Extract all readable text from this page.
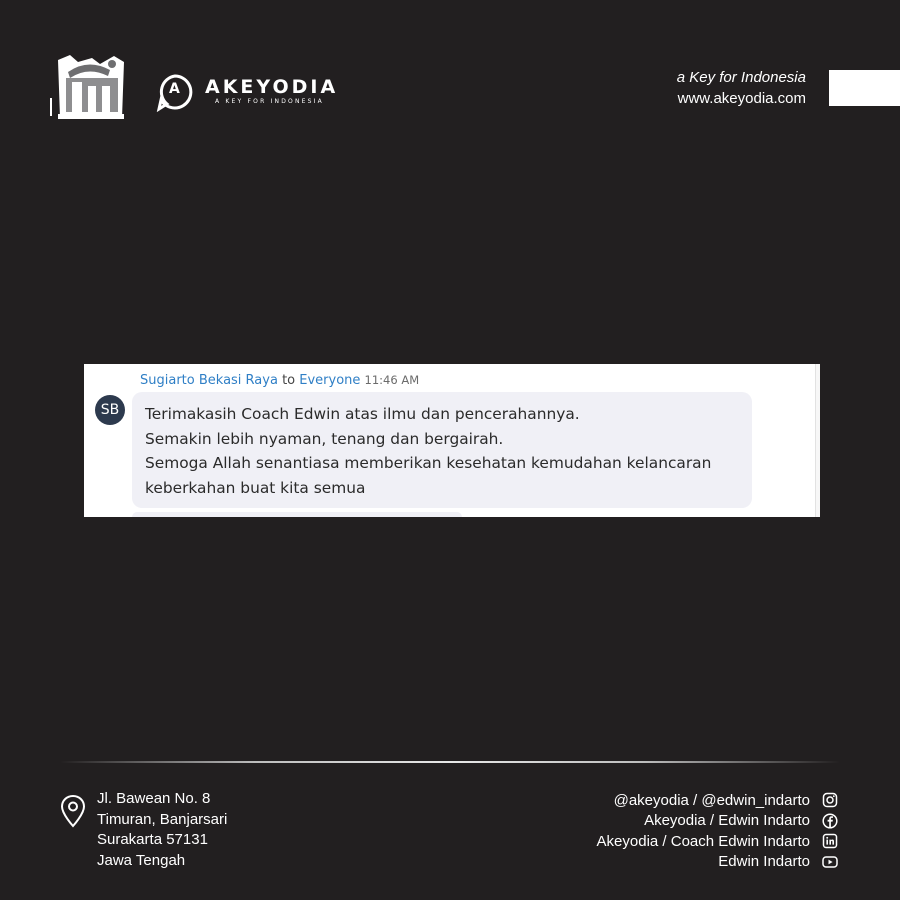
A AKEYODIA
A KEY FOR INDONESIA
a Key for Indonesia
www.akeyodia.com
Sugiarto Bekasi Raya to Everyone 11:46 AM
SB	Terimakasih Coach Edwin atas ilmu dan pencerahannya.
Semakin lebih nyaman, tenang dan bergairah.
Semoga Allah senantiasa memberikan kesehatan kemudahan kelancaran
keberkahan buat kita semua
Jl. Bawean No. 8
Timuran, Banjarsari
Surakarta 57131
Jawa Tengah
@akeyodia / @edwin_indarto
Akeyodia / Edwin Indarto
Akeyodia / Coach Edwin Indarto
Edwin Indarto
